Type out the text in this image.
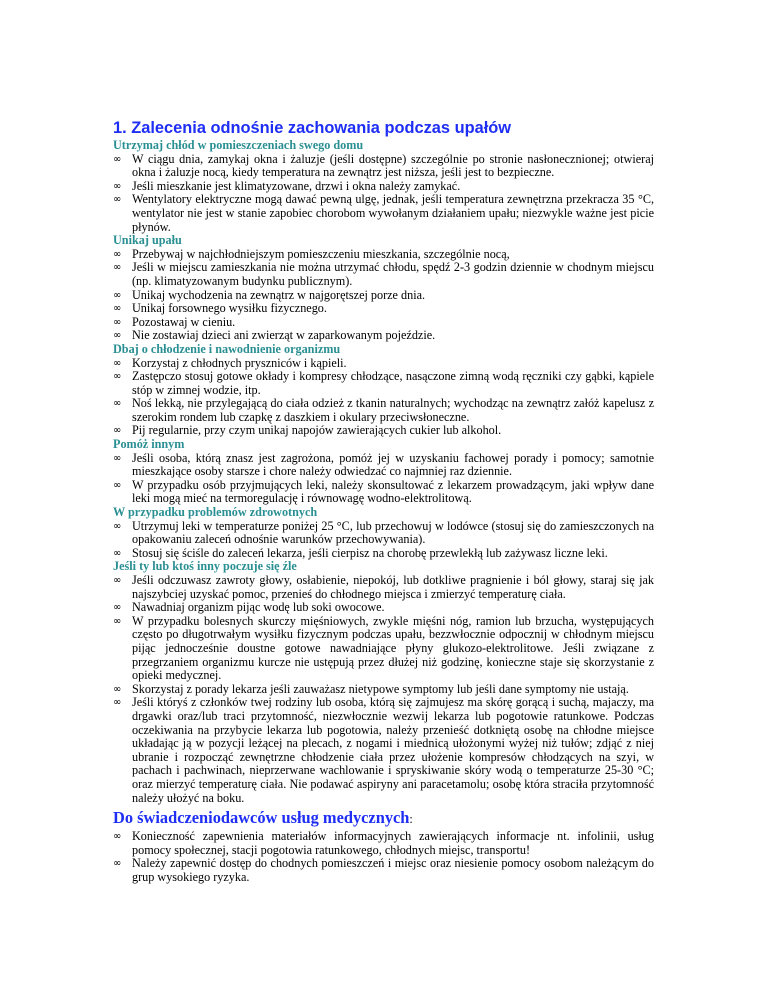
1. Zalecenia odnośnie zachowania podczas upałów
Utrzymaj chłód w pomieszczeniach swego domu
∞ W ciągu dnia, zamykaj okna i żaluzje (jeśli dostępne) szczególnie po stronie nasłonecznionej; otwieraj okna i żaluzje nocą, kiedy temperatura na zewnątrz jest niższa, jeśli jest to bezpieczne.
∞ Jeśli mieszkanie jest klimatyzowane, drzwi i okna należy zamykać.
∞ Wentylatory elektryczne mogą dawać pewną ulgę, jednak, jeśli temperatura zewnętrzna przekracza 35 °C, wentylator nie jest w stanie zapobiec chorobom wywołanym działaniem upału; niezwykle ważne jest picie płynów.
Unikaj upału
∞ Przebywaj w najchłodniejszym pomieszczeniu mieszkania, szczególnie nocą,
∞ Jeśli w miejscu zamieszkania nie można utrzymać chłodu, spędź 2-3 godzin dziennie w chodnym miejscu (np. klimatyzowanym budynku publicznym).
∞ Unikaj wychodzenia na zewnątrz w najgorętszej porze dnia.
∞ Unikaj forsownego wysiłku fizycznego.
∞ Pozostawaj w cieniu.
∞ Nie zostawiaj dzieci ani zwierząt w zaparkowanym pojeździe.
Dbaj o chłodzenie i nawodnienie organizmu
∞ Korzystaj z chłodnych pryszniców i kąpieli.
∞ Zastępczo stosuj gotowe okłady i kompresy chłodzące, nasączone zimną wodą ręczniki czy gąbki, kąpiele stóp w zimnej wodzie, itp.
∞ Noś lekką, nie przylegającą do ciała odzież z tkanin naturalnych; wychodząc na zewnątrz załóż kapelusz z szerokim rondem lub czapkę z daszkiem i okulary przeciwsłoneczne.
∞ Pij regularnie, przy czym unikaj napojów zawierających cukier lub alkohol.
Pomóż innym
∞ Jeśli osoba, którą znasz jest zagrożona, pomóż jej w uzyskaniu fachowej porady i pomocy; samotnie mieszkające osoby starsze i chore należy odwiedzać co najmniej raz dziennie.
∞ W przypadku osób przyjmujących leki, należy skonsultować z lekarzem prowadzącym, jaki wpływ dane leki mogą mieć na termoregulację i równowagę wodno-elektrolitową.
W przypadku problemów zdrowotnych
∞ Utrzymuj leki w temperaturze poniżej 25 °C, lub przechowuj w lodówce (stosuj się do zamieszczonych na opakowaniu zaleceń odnośnie warunków przechowywania).
∞ Stosuj się ściśle do zaleceń lekarza, jeśli cierpisz na chorobę przewlekłą lub zażywasz liczne leki.
Jeśli ty lub ktoś inny poczuje się źle
∞ Jeśli odczuwasz zawroty głowy, osłabienie, niepokój, lub dotkliwe pragnienie i ból głowy, staraj się jak najszybciej uzyskać pomoc, przenieś do chłodnego miejsca i zmierzyć temperaturę ciała.
∞ Nawadniaj organizm pijąc wodę lub soki owocowe.
∞ W przypadku bolesnych skurczy mięśniowych, zwykle mięśni nóg, ramion lub brzucha, występujących często po długotrwałym wysiłku fizycznym podczas upału, bezzwłocznie odpocznij w chłodnym miejscu pijąc jednocześnie doustne gotowe nawadniające płyny glukozo-elektrolitowe. Jeśli związane z przegrzaniem organizmu kurcze nie ustępują przez dłużej niż godzinę, konieczne staje się skorzystanie z opieki medycznej.
∞ Skorzystaj z porady lekarza jeśli zauważasz nietypowe symptomy lub jeśli dane symptomy nie ustają.
∞ Jeśli któryś z członków twej rodziny lub osoba, którą się zajmujesz ma skórę gorącą i suchą, majaczy, ma drgawki oraz/lub traci przytomność, niezwłocznie wezwij lekarza lub pogotowie ratunkowe. Podczas oczekiwania na przybycie lekarza lub pogotowia, należy przenieść dotkniętą osobę na chłodne miejsce układając ją w pozycji leżącej na plecach, z nogami i miednicą ułożonymi wyżej niż tułów; zdjąć z niej ubranie i rozpocząć zewnętrzne chłodzenie ciała przez ułożenie kompresów chłodzących na szyi, w pachach i pachwinach, nieprzerwane wachlowanie i spryskiwanie skóry wodą o temperaturze 25-30 °C; oraz mierzyć temperaturę ciała. Nie podawać aspiryny ani paracetamolu; osobę która straciła przytomność należy ułożyć na boku.
Do świadczeniodawców usług medycznych:
∞ Konieczność zapewnienia materiałów informacyjnych zawierających informacje nt. infolinii, usług pomocy społecznej, stacji pogotowia ratunkowego, chłodnych miejsc, transportu!
∞ Należy zapewnić dostęp do chodnych pomieszczeń i miejsc oraz niesienie pomocy osobom należącym do grup wysokiego ryzyka.
